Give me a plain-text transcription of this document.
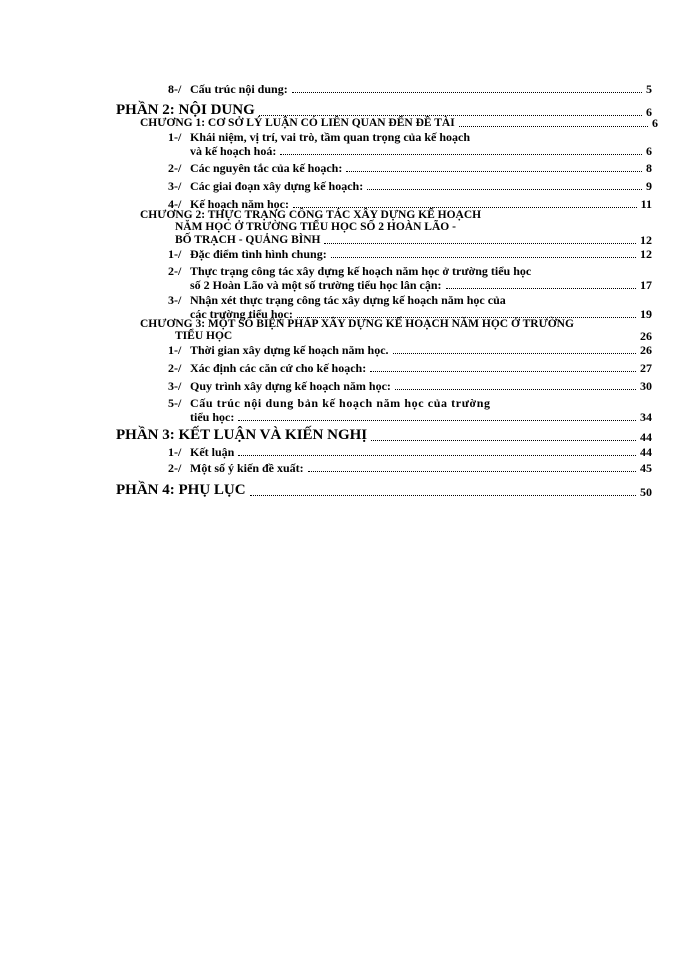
8-/ Cấu trúc nội dung:	5
PHẦN 2: NỘI DUNG	6
CHƯƠNG 1: CƠ SỞ LÝ LUẬN CÓ LIÊN QUAN ĐẾN ĐỀ TÀI	6
1-/ Khái niệm, vị trí, vai trò, tầm quan trọng của kế hoạch
và kế hoạch hoá:	6
2-/ Các nguyên tắc của kế hoạch:	8
3-/ Các giai đoạn xây dựng kế hoạch:	9
4-/ Kế hoạch năm học:	11
CHƯƠNG 2: THỰC TRẠNG CÔNG TÁC XÂY DỰNG KẾ HOẠCH
NĂM HỌC Ở TRƯỜNG TIỂU HỌC SỐ 2 HOÀN LÃO -
BỐ TRẠCH - QUẢNG BÌNH	12
1-/ Đặc điểm tình hình chung:	12
2-/ Thực trạng công tác xây dựng kế hoạch năm học ở trường tiểu học
số 2 Hoàn Lão và một số trường tiểu học lân cận:	17
3-/ Nhận xét thực trạng công tác xây dựng kế hoạch năm học của
các trường tiểu học:	19
CHƯƠNG 3: MỘT SỐ BIỆN PHÁP XÂY DỰNG KẾ HOẠCH NĂM HỌC Ở TRƯỜNG
TIỂU HỌC	26
1-/ Thời gian xây dựng kế hoạch năm học.	26
2-/ Xác định các căn cứ cho kế hoạch:	27
3-/ Quy trình xây dựng kế hoạch năm học:	30
5-/ Cấu trúc nội dung bản kế hoạch năm học của trường
tiểu học:	34
PHẦN 3: KẾT LUẬN VÀ KIẾN NGHỊ	44
1-/ Kết luận	44
2-/ Một số ý kiến đề xuất:	45
PHẦN 4: PHỤ LỤC	50
